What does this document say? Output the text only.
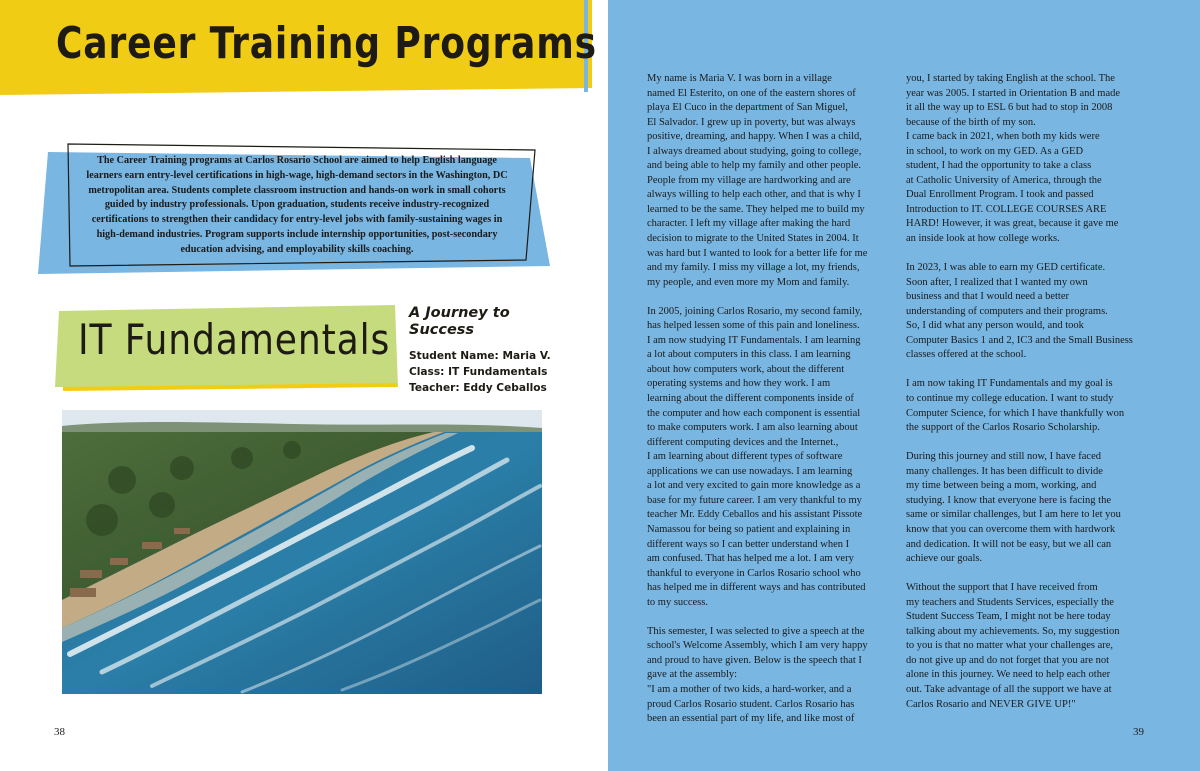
Career Training Programs
The Career Training programs at Carlos Rosario School are aimed to help English language learners earn entry-level certifications in high-wage, high-demand sectors in the Washington, DC metropolitan area. Students complete classroom instruction and hands-on work in small cohorts guided by industry professionals. Upon graduation, students receive industry-recognized certifications to strengthen their candidacy for entry-level jobs with family-sustaining wages in high-demand industries. Program supports include internship opportunities, post-secondary education advising, and employability skills coaching.
IT Fundamentals
A Journey to Success
Student Name: Maria V.
Class: IT Fundamentals
Teacher: Eddy Ceballos
38
My name is Maria V. I was born in a village
named El Esterito, on one of the eastern shores of
playa El Cuco in the department of San Miguel,
El Salvador. I grew up in poverty, but was always
positive, dreaming, and happy. When I was a child,
I always dreamed about studying, going to college,
and being able to help my family and other people.
People from my village are hardworking and are
always willing to help each other, and that is why I
learned to be the same. They helped me to build my
character. I left my village after making the hard
decision to migrate to the United States in 2004. It
was hard but I wanted to look for a better life for me
and my family. I miss my village a lot, my friends,
my people, and even more my Mom and family.

In 2005, joining Carlos Rosario, my second family,
has helped lessen some of this pain and loneliness.
I am now studying IT Fundamentals. I am learning
a lot about computers in this class. I am learning
about how computers work, about the different
operating systems and how they work. I am
learning about the different components inside of
the computer and how each component is essential
to make computers work. I am also learning about
different computing devices and the Internet.,
I am learning about different types of software
applications we can use nowadays. I am learning
a lot and very excited to gain more knowledge as a
base for my future career. I am very thankful to my
teacher Mr. Eddy Ceballos and his assistant Pissote
Namassou for being so patient and explaining in
different ways so I can better understand when I
am confused. That has helped me a lot. I am very
thankful to everyone in Carlos Rosario school who
has helped me in different ways and has contributed
to my success.

This semester, I was selected to give a speech at the
school's Welcome Assembly, which I am very happy
and proud to have given. Below is the speech that I
gave at the assembly:
"I am a mother of two kids, a hard-worker, and a
proud Carlos Rosario student. Carlos Rosario has
been an essential part of my life, and like most of
you, I started by taking English at the school. The
year was 2005. I started in Orientation B and made
it all the way up to ESL 6 but had to stop in 2008
because of the birth of my son.
I came back in 2021, when both my kids were
in school, to work on my GED. As a GED
student, I had the opportunity to take a class
at Catholic University of America, through the
Dual Enrollment Program. I took and passed
Introduction to IT. COLLEGE COURSES ARE
HARD! However, it was great, because it gave me
an inside look at how college works.

In 2023, I was able to earn my GED certificate.
Soon after, I realized that I wanted my own
business and that I would need a better
understanding of computers and their programs.
So, I did what any person would, and took
Computer Basics 1 and 2, IC3 and the Small Business
classes offered at the school.

I am now taking IT Fundamentals and my goal is
to continue my college education. I want to study
Computer Science, for which I have thankfully won
the support of the Carlos Rosario Scholarship.

During this journey and still now, I have faced
many challenges. It has been difficult to divide
my time between being a mom, working, and
studying. I know that everyone here is facing the
same or similar challenges, but I am here to let you
know that you can overcome them with hardwork
and dedication. It will not be easy, but we all can
achieve our goals.

Without the support that I have received from
my teachers and Students Services, especially the
Student Success Team, I might not be here today
talking about my achievements. So, my suggestion
to you is that no matter what your challenges are,
do not give up and do not forget that you are not
alone in this journey. We need to help each other
out. Take advantage of all the support we have at
Carlos Rosario and NEVER GIVE UP!"
39
